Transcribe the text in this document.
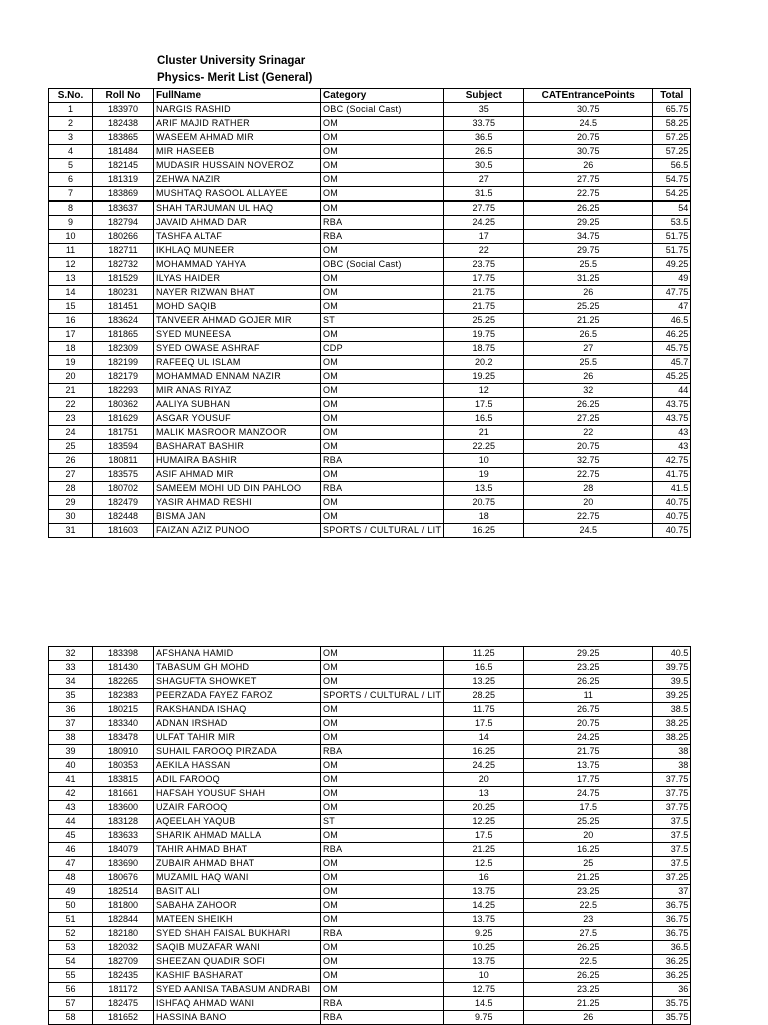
Cluster University Srinagar
Physics- Merit List (General)
S.No.	Roll No	FullName	Category	Subject	CATEntrancePoints	Total
1	183970	NARGIS RASHID	OBC (Social Cast)	35	30.75	65.75
2	182438	ARIF MAJID RATHER	OM	33.75	24.5	58.25
3	183865	WASEEM AHMAD MIR	OM	36.5	20.75	57.25
4	181484	MIR HASEEB	OM	26.5	30.75	57.25
5	182145	MUDASIR HUSSAIN NOVEROZ	OM	30.5	26	56.5
6	181319	ZEHWA NAZIR	OM	27	27.75	54.75
7	183869	MUSHTAQ RASOOL ALLAYEE	OM	31.5	22.75	54.25
8	183637	SHAH TARJUMAN UL HAQ	OM	27.75	26.25	54
9	182794	JAVAID AHMAD DAR	RBA	24.25	29.25	53.5
10	180266	TASHFA ALTAF	RBA	17	34.75	51.75
11	182711	IKHLAQ MUNEER	OM	22	29.75	51.75
12	182732	MOHAMMAD YAHYA	OBC (Social Cast)	23.75	25.5	49.25
13	181529	ILYAS HAIDER	OM	17.75	31.25	49
14	180231	NAYER RIZWAN BHAT	OM	21.75	26	47.75
15	181451	MOHD SAQIB	OM	21.75	25.25	47
16	183624	TANVEER AHMAD GOJER MIR	ST	25.25	21.25	46.5
17	181865	SYED MUNEESA	OM	19.75	26.5	46.25
18	182309	SYED OWASE ASHRAF	CDP	18.75	27	45.75
19	182199	RAFEEQ UL ISLAM	OM	20.2	25.5	45.7
20	182179	MOHAMMAD ENNAM NAZIR	OM	19.25	26	45.25
21	182293	MIR ANAS RIYAZ	OM	12	32	44
22	180362	AALIYA SUBHAN	OM	17.5	26.25	43.75
23	181629	ASGAR YOUSUF	OM	16.5	27.25	43.75
24	181751	MALIK MASROOR MANZOOR	OM	21	22	43
25	183594	BASHARAT BASHIR	OM	22.25	20.75	43
26	180811	HUMAIRA BASHIR	RBA	10	32.75	42.75
27	183575	ASIF AHMAD MIR	OM	19	22.75	41.75
28	180702	SAMEEM MOHI UD DIN PAHLOO	RBA	13.5	28	41.5
29	182479	YASIR AHMAD RESHI	OM	20.75	20	40.75
30	182448	BISMA JAN	OM	18	22.75	40.75
31	181603	FAIZAN AZIZ PUNOO	SPORTS / CULTURAL / LIT	16.25	24.5	40.75
32	183398	AFSHANA HAMID	OM	11.25	29.25	40.5
33	181430	TABASUM GH MOHD	OM	16.5	23.25	39.75
34	182265	SHAGUFTA SHOWKET	OM	13.25	26.25	39.5
35	182383	PEERZADA FAYEZ FAROZ	SPORTS / CULTURAL / LIT	28.25	11	39.25
36	180215	RAKSHANDA ISHAQ	OM	11.75	26.75	38.5
37	183340	ADNAN IRSHAD	OM	17.5	20.75	38.25
38	183478	ULFAT TAHIR MIR	OM	14	24.25	38.25
39	180910	SUHAIL FAROOQ PIRZADA	RBA	16.25	21.75	38
40	180353	AEKILA HASSAN	OM	24.25	13.75	38
41	183815	ADIL FAROOQ	OM	20	17.75	37.75
42	181661	HAFSAH YOUSUF SHAH	OM	13	24.75	37.75
43	183600	UZAIR FAROOQ	OM	20.25	17.5	37.75
44	183128	AQEELAH YAQUB	ST	12.25	25.25	37.5
45	183633	SHARIK AHMAD MALLA	OM	17.5	20	37.5
46	184079	TAHIR AHMAD BHAT	RBA	21.25	16.25	37.5
47	183690	ZUBAIR AHMAD BHAT	OM	12.5	25	37.5
48	180676	MUZAMIL HAQ WANI	OM	16	21.25	37.25
49	182514	BASIT ALI	OM	13.75	23.25	37
50	181800	SABAHA ZAHOOR	OM	14.25	22.5	36.75
51	182844	MATEEN SHEIKH	OM	13.75	23	36.75
52	182180	SYED SHAH FAISAL BUKHARI	RBA	9.25	27.5	36.75
53	182032	SAQIB MUZAFAR WANI	OM	10.25	26.25	36.5
54	182709	SHEEZAN QUADIR SOFI	OM	13.75	22.5	36.25
55	182435	KASHIF BASHARAT	OM	10	26.25	36.25
56	181172	SYED AANISA TABASUM ANDRABI	OM	12.75	23.25	36
57	182475	ISHFAQ AHMAD WANI	RBA	14.5	21.25	35.75
58	181652	HASSINA BANO	RBA	9.75	26	35.75
